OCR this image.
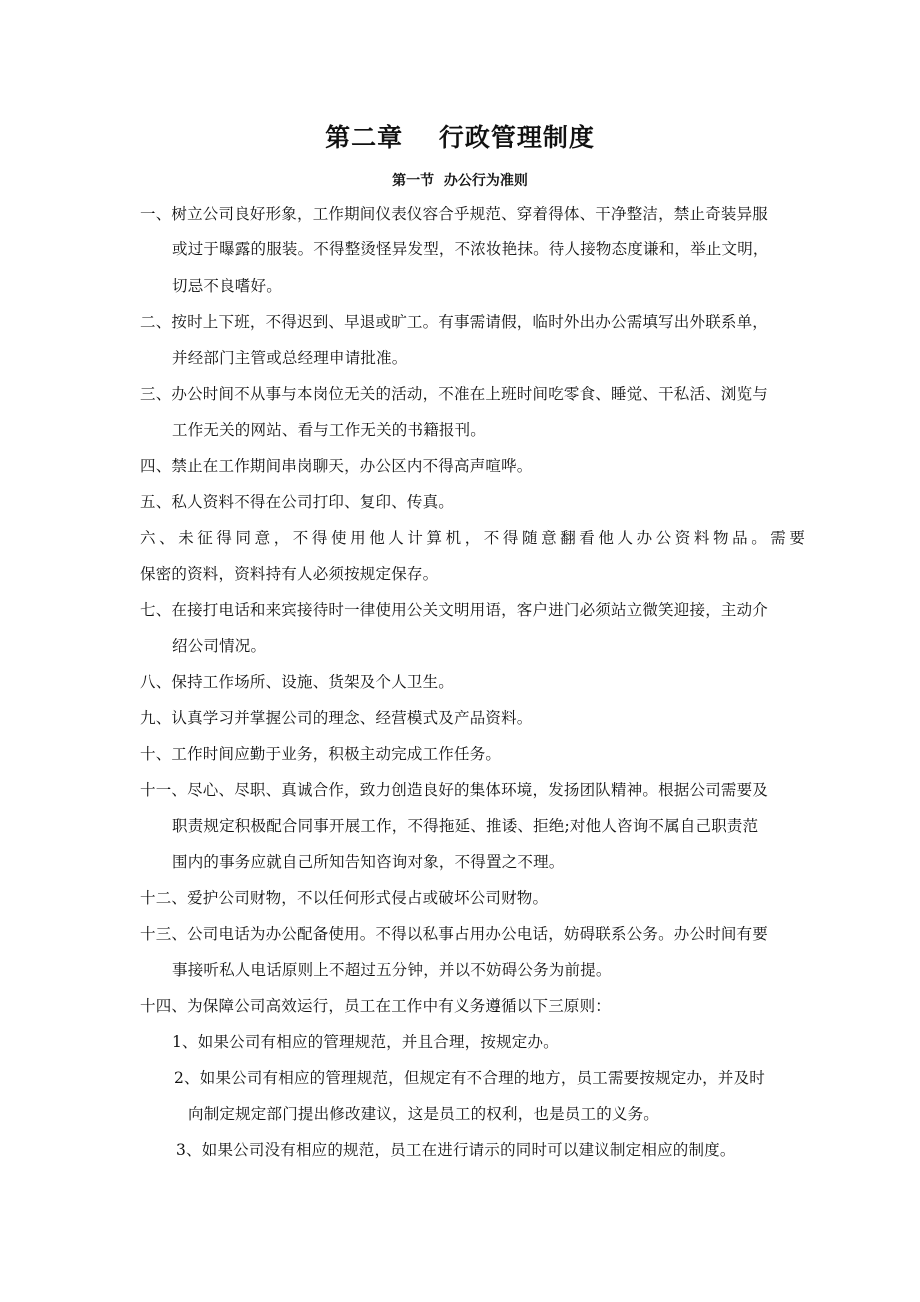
第二章　 行政管理制度
第一节  办公行为准则
一、树立公司良好形象，工作期间仪表仪容合乎规范、穿着得体、干净整洁，禁止奇装异服
或过于曝露的服装。不得整烫怪异发型，不浓妆艳抹。待人接物态度谦和，举止文明，
切忌不良嗜好。
二、按时上下班，不得迟到、早退或旷工。有事需请假，临时外出办公需填写出外联系单，
并经部门主管或总经理申请批准。
三、办公时间不从事与本岗位无关的活动，不准在上班时间吃零食、睡觉、干私活、浏览与
工作无关的网站、看与工作无关的书籍报刊。
四、禁止在工作期间串岗聊天，办公区内不得高声喧哗。
五、私人资料不得在公司打印、复印、传真。
六、未征得同意，不得使用他人计算机，不得随意翻看他人办公资料物品。需要
保密的资料，资料持有人必须按规定保存。
七、在接打电话和来宾接待时一律使用公关文明用语，客户进门必须站立微笑迎接，主动介
绍公司情况。
八、保持工作场所、设施、货架及个人卫生。
九、认真学习并掌握公司的理念、经营模式及产品资料。
十、工作时间应勤于业务，积极主动完成工作任务。
十一、尽心、尽职、真诚合作，致力创造良好的集体环境，发扬团队精神。根据公司需要及
职责规定积极配合同事开展工作，不得拖延、推诿、拒绝;对他人咨询不属自己职责范
围内的事务应就自己所知告知咨询对象，不得置之不理。
十二、爱护公司财物，不以任何形式侵占或破坏公司财物。
十三、公司电话为办公配备使用。不得以私事占用办公电话，妨碍联系公务。办公时间有要
事接听私人电话原则上不超过五分钟，并以不妨碍公务为前提。
十四、为保障公司高效运行，员工在工作中有义务遵循以下三原则：
1、如果公司有相应的管理规范，并且合理，按规定办。
2、如果公司有相应的管理规范，但规定有不合理的地方，员工需要按规定办，并及时
向制定规定部门提出修改建议，这是员工的权利，也是员工的义务。
3、如果公司没有相应的规范，员工在进行请示的同时可以建议制定相应的制度。
